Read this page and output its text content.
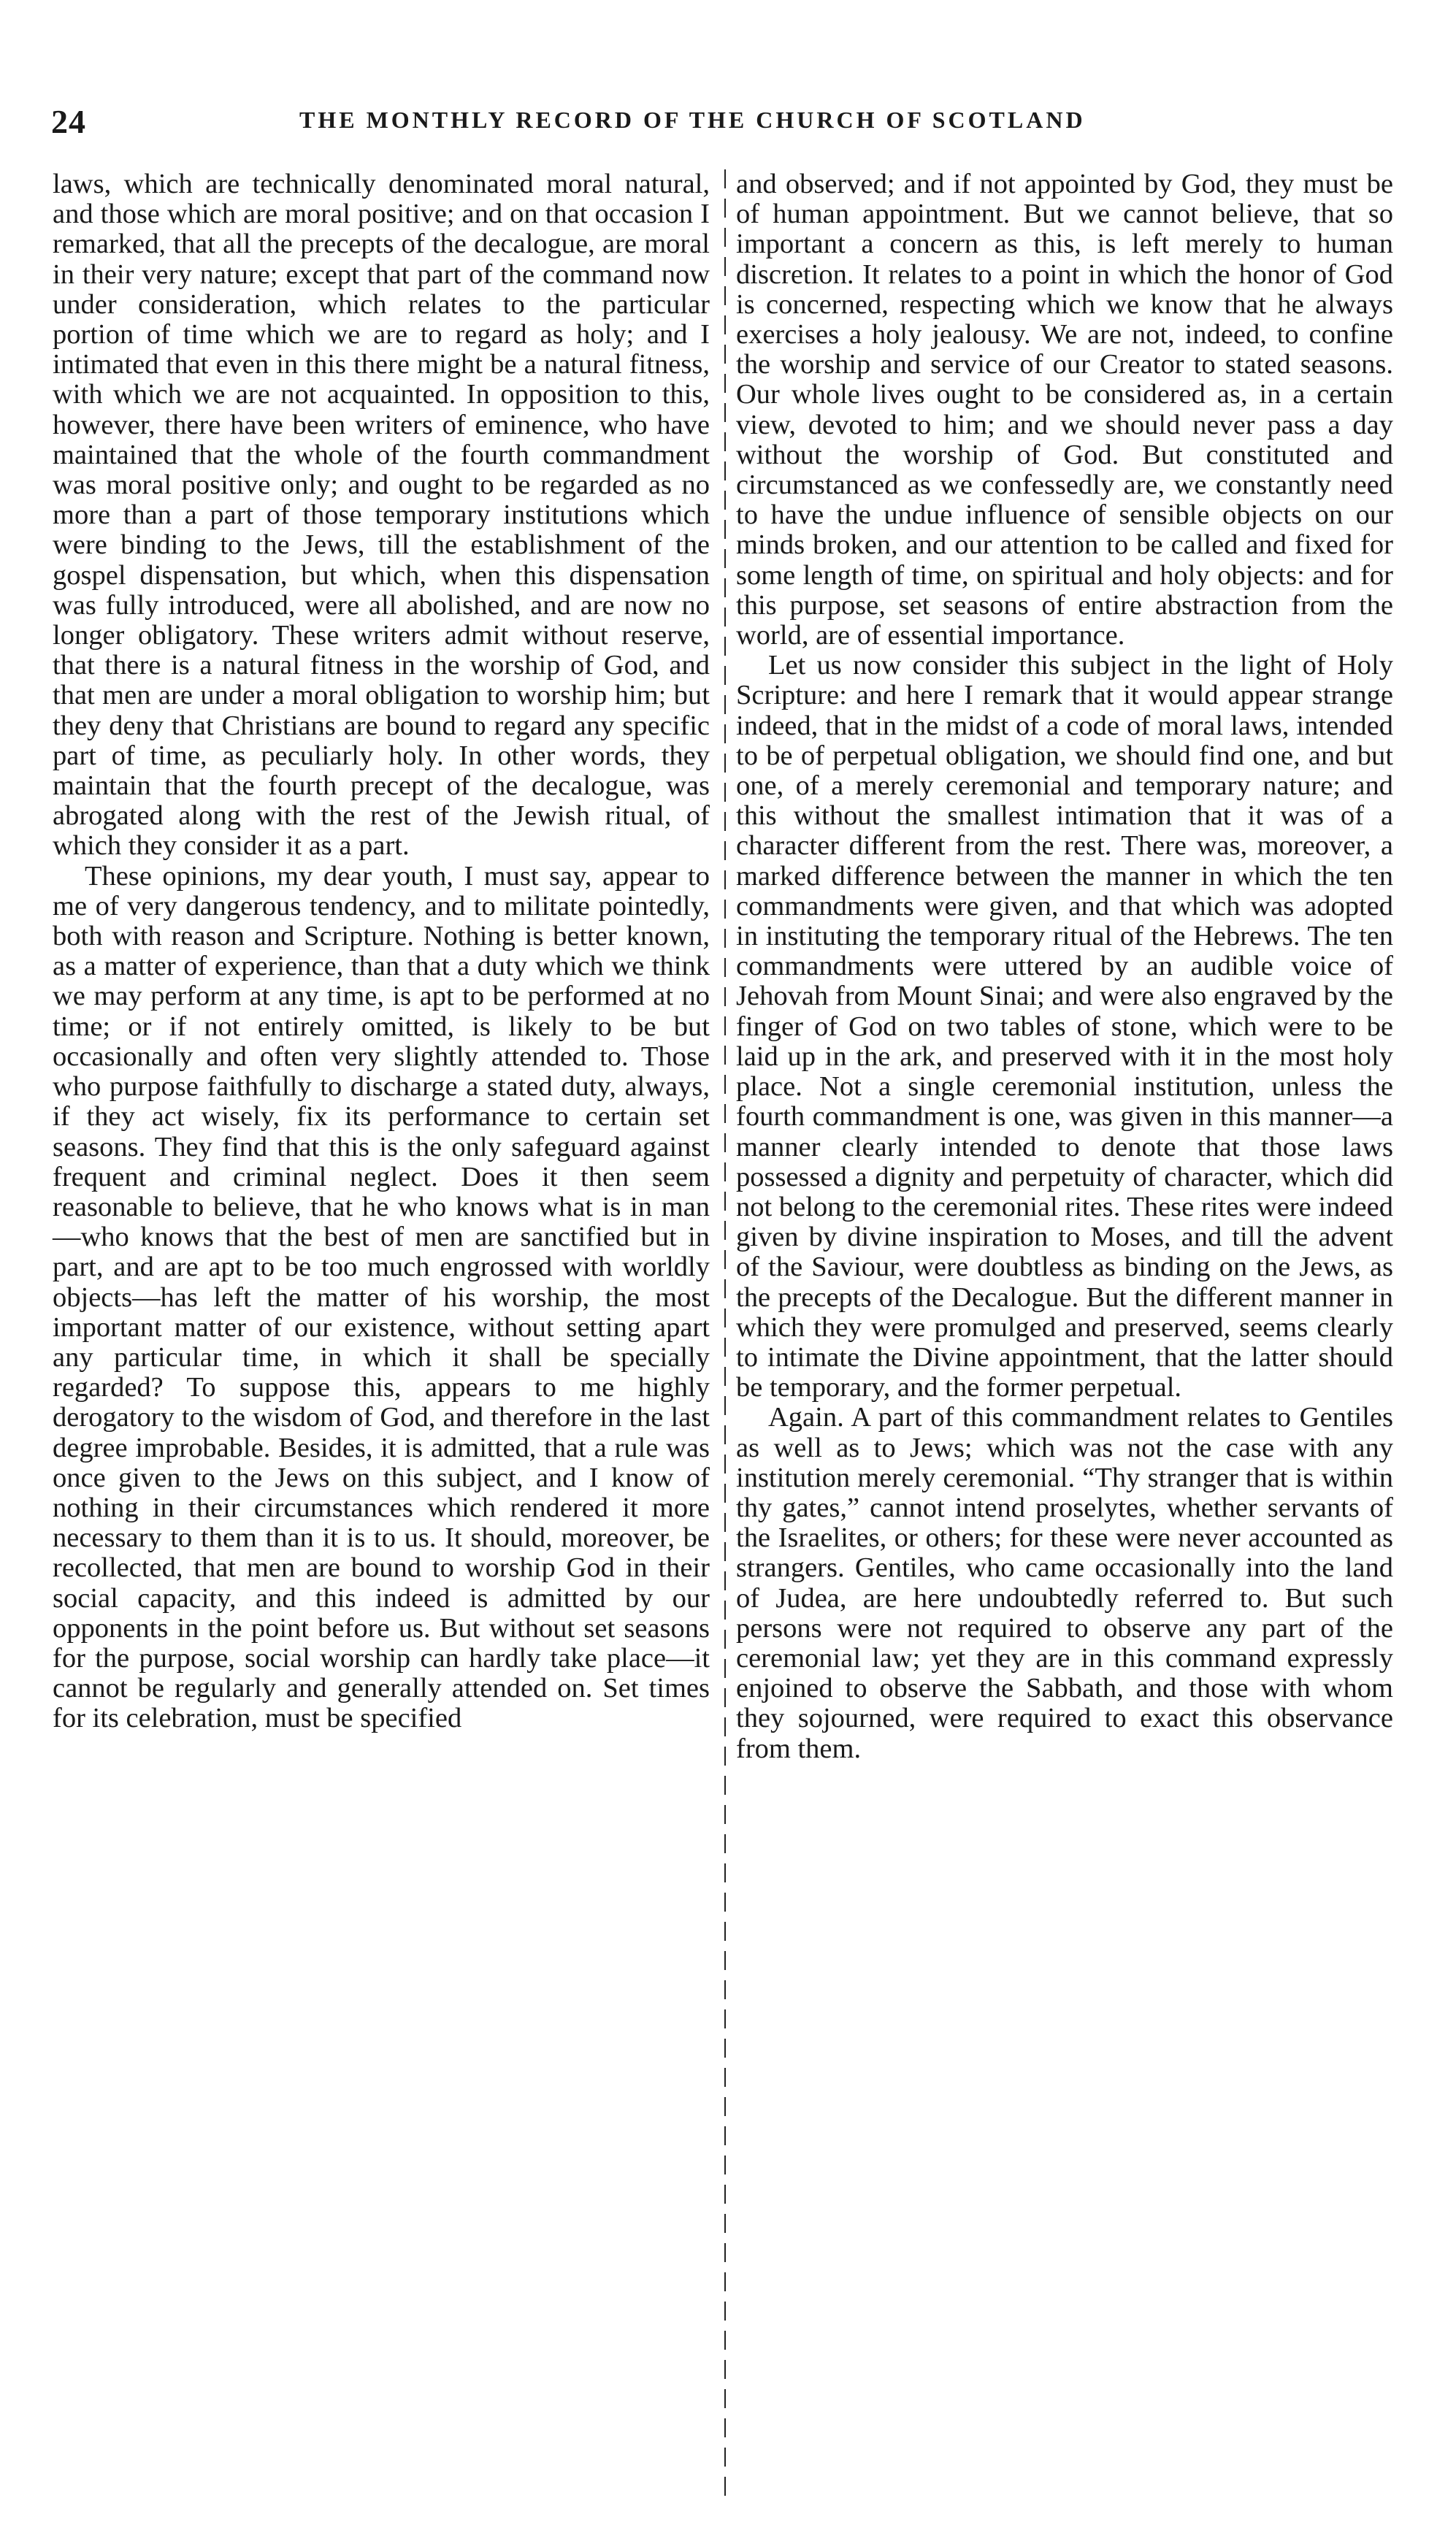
24	THE MONTHLY RECORD OF THE CHURCH OF SCOTLAND

laws, which are technically denominated moral natural, and those which are moral positive; and on that occasion I remarked, that all the precepts of the decalogue, are moral in their very nature; except that part of the command now under consideration, which relates to the particular portion of time which we are to regard as holy; and I intimated that even in this there might be a natural fitness, with which we are not acquainted. In opposition to this, however, there have been writers of eminence, who have maintained that the whole of the fourth commandment was moral positive only; and ought to be regarded as no more than a part of those temporary institutions which were binding to the Jews, till the establishment of the gospel dispensation, but which, when this dispensation was fully introduced, were all abolished, and are now no longer obligatory. These writers admit without reserve, that there is a natural fitness in the worship of God, and that men are under a moral obligation to worship him; but they deny that Christians are bound to regard any specific part of time, as peculiarly holy. In other words, they maintain that the fourth precept of the decalogue, was abrogated along with the rest of the Jewish ritual, of which they consider it as a part.

These opinions, my dear youth, I must say, appear to me of very dangerous tendency, and to militate pointedly, both with reason and Scripture. Nothing is better known, as a matter of experience, than that a duty which we think we may perform at any time, is apt to be performed at no time; or if not entirely omitted, is likely to be but occasionally and often very slightly attended to. Those who purpose faithfully to discharge a stated duty, always, if they act wisely, fix its performance to certain set seasons. They find that this is the only safeguard against frequent and criminal neglect. Does it then seem reasonable to believe, that he who knows what is in man—who knows that the best of men are sanctified but in part, and are apt to be too much engrossed with worldly objects—has left the matter of his worship, the most important matter of our existence, without setting apart any particular time, in which it shall be specially regarded? To suppose this, appears to me highly derogatory to the wisdom of God, and therefore in the last degree improbable. Besides, it is admitted, that a rule was once given to the Jews on this subject, and I know of nothing in their circumstances which rendered it more necessary to them than it is to us. It should, moreover, be recollected, that men are bound to worship God in their social capacity, and this indeed is admitted by our opponents in the point before us. But without set seasons for the purpose, social worship can hardly take place—it cannot be regularly and generally attended on. Set times for its celebration, must be specified

and observed; and if not appointed by God, they must be of human appointment. But we cannot believe, that so important a concern as this, is left merely to human discretion. It relates to a point in which the honor of God is concerned, respecting which we know that he always exercises a holy jealousy. We are not, indeed, to confine the worship and service of our Creator to stated seasons. Our whole lives ought to be considered as, in a certain view, devoted to him; and we should never pass a day without the worship of God. But constituted and circumstanced as we confessedly are, we constantly need to have the undue influence of sensible objects on our minds broken, and our attention to be called and fixed for some length of time, on spiritual and holy objects: and for this purpose, set seasons of entire abstraction from the world, are of essential importance.

Let us now consider this subject in the light of Holy Scripture: and here I remark that it would appear strange indeed, that in the midst of a code of moral laws, intended to be of perpetual obligation, we should find one, and but one, of a merely ceremonial and temporary nature; and this without the smallest intimation that it was of a character different from the rest. There was, moreover, a marked difference between the manner in which the ten commandments were given, and that which was adopted in instituting the temporary ritual of the Hebrews. The ten commandments were uttered by an audible voice of Jehovah from Mount Sinai; and were also engraved by the finger of God on two tables of stone, which were to be laid up in the ark, and preserved with it in the most holy place. Not a single ceremonial institution, unless the fourth commandment is one, was given in this manner—a manner clearly intended to denote that those laws possessed a dignity and perpetuity of character, which did not belong to the ceremonial rites. These rites were indeed given by divine inspiration to Moses, and till the advent of the Saviour, were doubtless as binding on the Jews, as the precepts of the Decalogue. But the different manner in which they were promulged and preserved, seems clearly to intimate the Divine appointment, that the latter should be temporary, and the former perpetual.

Again. A part of this commandment relates to Gentiles as well as to Jews; which was not the case with any institution merely ceremonial. “Thy stranger that is within thy gates,” cannot intend proselytes, whether servants of the Israelites, or others; for these were never accounted as strangers. Gentiles, who came occasionally into the land of Judea, are here undoubtedly referred to. But such persons were not required to observe any part of the ceremonial law; yet they are in this command expressly enjoined to observe the Sabbath, and those with whom they sojourned, were required to exact this observance from them.
